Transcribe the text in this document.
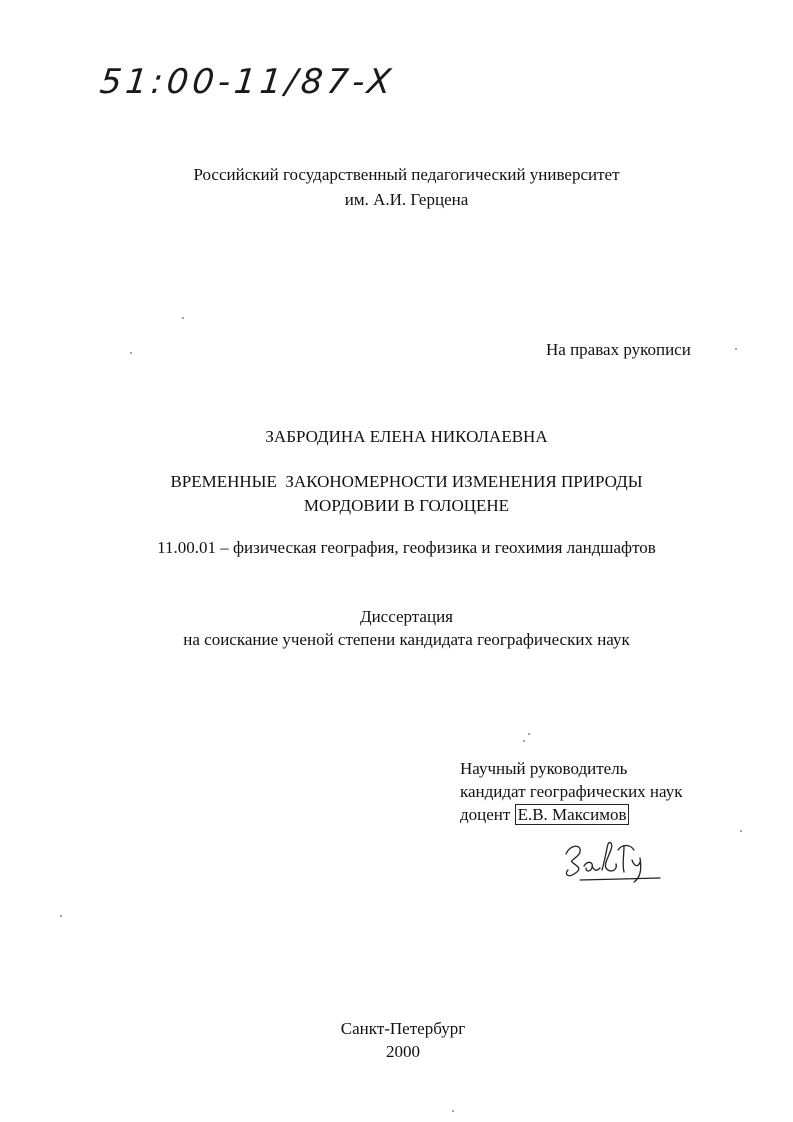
51:00-11/87-X
Российский государственный педагогический университет
им. А.И. Герцена
На правах рукописи
ЗАБРОДИНА ЕЛЕНА НИКОЛАЕВНА
ВРЕМЕННЫЕ  ЗАКОНОМЕРНОСТИ ИЗМЕНЕНИЯ ПРИРОДЫ
МОРДОВИИ В ГОЛОЦЕНЕ
11.00.01 – физическая география, геофизика и геохимия ландшафтов
Диссертация
на соискание ученой степени кандидата географических наук
Научный руководитель
кандидат географических наук
доцент Е.В. Максимов
Санкт-Петербург
2000
